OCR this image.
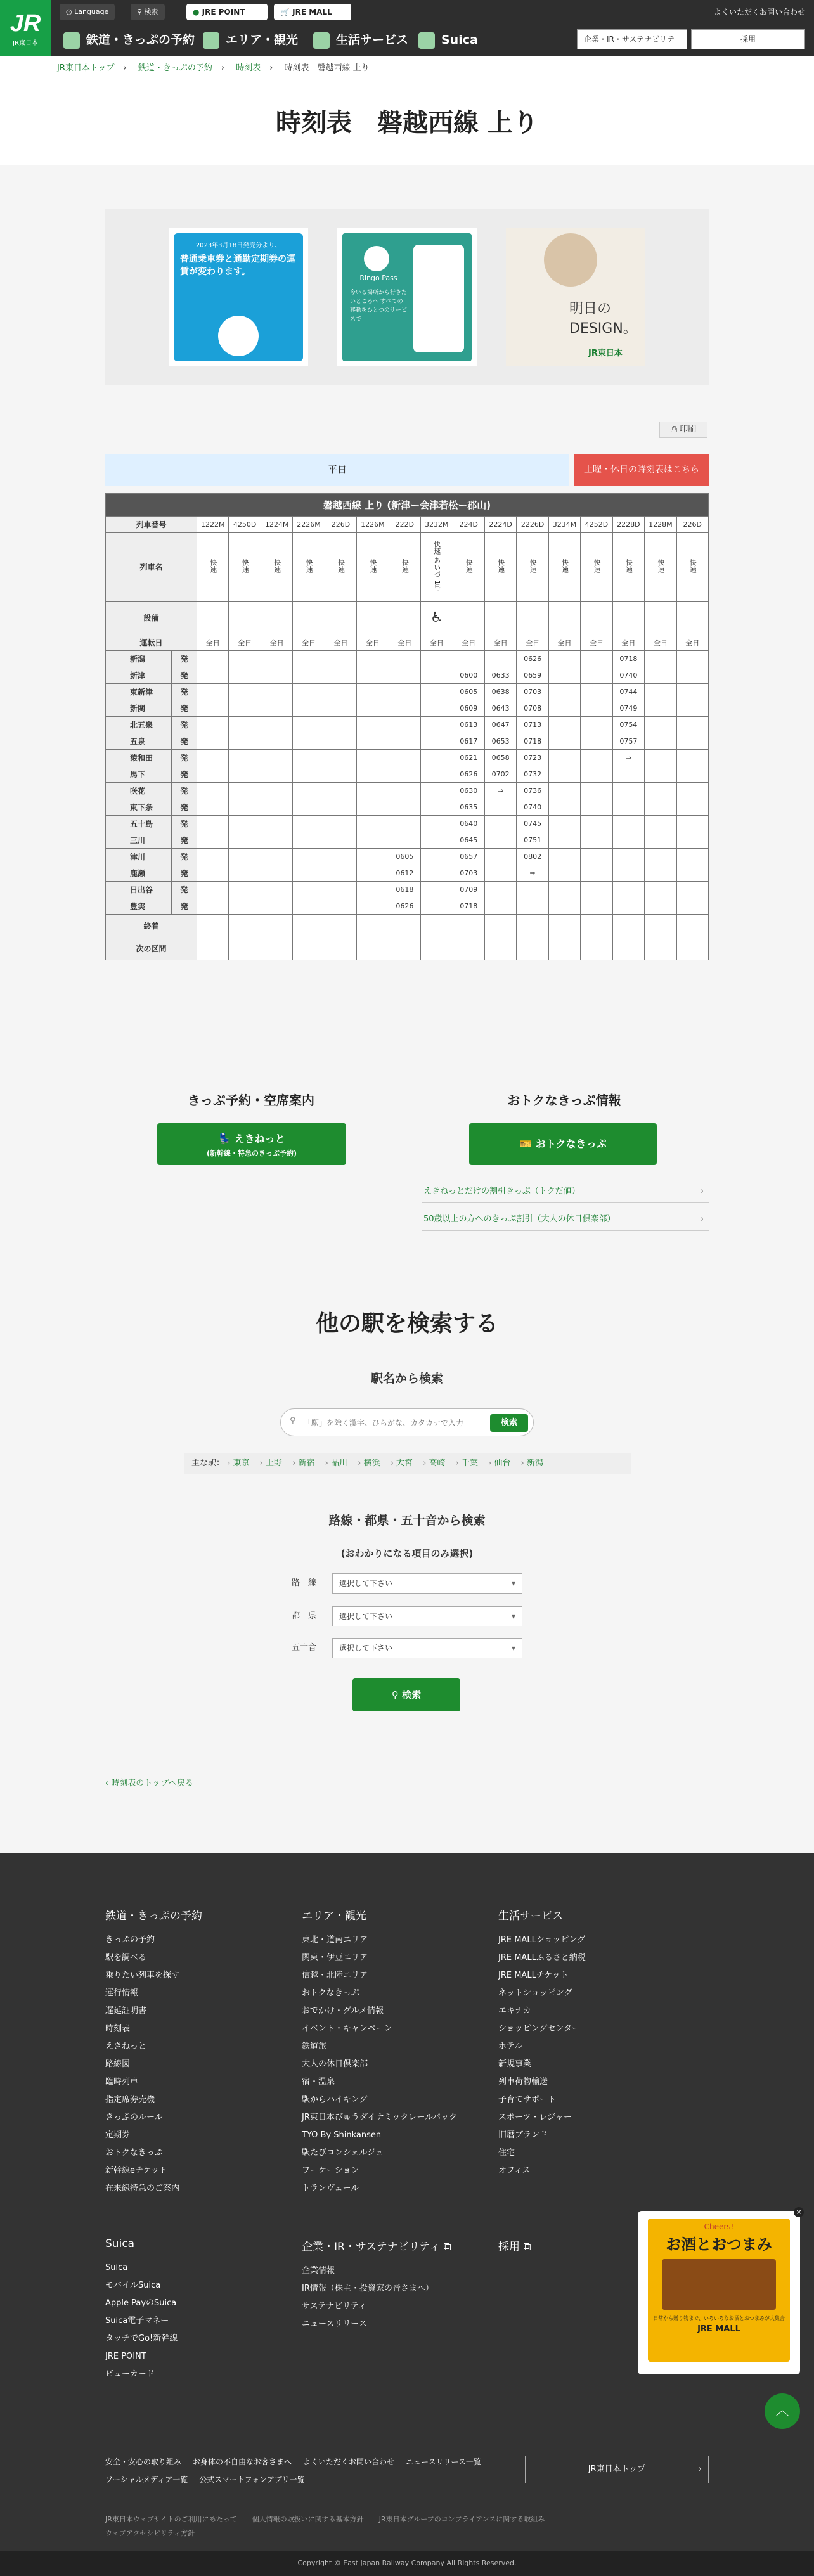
JR
JR東日本
◎ Language	⚲ 検索	● JRE POINT	🛒 JRE MALL	よくいただくお問い合わせ
鉄道・きっぷの予約	エリア・観光	生活サービス	Suica	企業・IR・サステナビリテ	採用
JR東日本トップ › 鉄道・きっぷの予約 › 時刻表 › 時刻表　磐越西線 上り
時刻表　磐越西線 上り
2023年3月18日発売分より、
普通乗車券と通勤定期券の運賃が変わります。
Ringo Pass
今いる場所から行きたいところへ すべての移動をひとつのサービスで
明日のDESIGN。
JR東日本
⎙ 印刷
平日	土曜・休日の時刻表はこちら
磐越西線 上り (新津ー会津若松ー郡山)																	
列車番号		1222M	4250D	1224M	2226M	226D	1226M	222D	3232M	224D	2224D	2226D	3234M	4252D	2228D	1228M	226D
列車名		快速	快速	快速	快速	快速	快速	快速	快速 あいづ 1号	快速	快速	快速	快速	快速	快速	快速	快速
設備									♿								
運転日		全日	全日	全日	全日	全日	全日	全日	全日	全日	全日	全日	全日	全日	全日	全日	全日
新潟	発											0626			0718		
新津	発									0600	0633	0659			0740		
東新津	発									0605	0638	0703			0744		
新関	発									0609	0643	0708			0749		
北五泉	発									0613	0647	0713			0754		
五泉	発									0617	0653	0718			0757		
猿和田	発									0621	0658	0723			⇒		
馬下	発									0626	0702	0732					
咲花	発									0630	⇒	0736					
東下条	発									0635		0740					
五十島	発									0640		0745					
三川	発									0645		0751					
津川	発							0605		0657		0802					
鹿瀬	発							0612		0703		⇒					
日出谷	発							0618		0709							
豊実	発							0626		0718							
終着																	
次の区間																	
きっぷ予約・空席案内
💺 えきねっと
(新幹線・特急のきっぷ予約)
おトクなきっぷ情報
🎫 おトクなきっぷ
えきねっとだけの割引きっぷ（トクだ値） ›
50歳以上の方へのきっぷ割引（大人の休日倶楽部） ›
他の駅を検索する
駅名から検索
⚲
「駅」を除く漢字、ひらがな、カタカナで入力	検索
主な駅： › 東京 › 上野 › 新宿 › 品川 › 横浜 › 大宮 › 高崎 › 千葉 › 仙台 › 新潟
路線・都県・五十音から検索
(おわかりになる項目のみ選択)
路　線	選択して下さい ▾
都　県	選択して下さい ▾
五十音	選択して下さい ▾
⚲ 検索
‹ 時刻表のトップへ戻る
鉄道・きっぷの予約
きっぷの予約
駅を調べる
乗りたい列車を探す
運行情報
遅延証明書
時刻表
えきねっと
路線図
臨時列車
指定席券売機
きっぷのルール
定期券
おトクなきっぷ
新幹線eチケット
在来線特急のご案内
エリア・観光
東北・道南エリア
関東・伊豆エリア
信越・北陸エリア
おトクなきっぷ
おでかけ・グルメ情報
イベント・キャンペーン
鉄道旅
大人の休日倶楽部
宿・温泉
駅からハイキング
JR東日本びゅうダイナミックレールパック
TYO By Shinkansen
駅たびコンシェルジュ
ワーケーション
トランヴェール
生活サービス
JRE MALLショッピング
JRE MALLふるさと納税
JRE MALLチケット
ネットショッピング
エキナカ
ショッピングセンター
ホテル
新規事業
列車荷物輸送
子育てサポート
スポーツ・レジャー
旧暦ブランド
住宅
オフィス
Suica
Suica
モバイルSuica
Apple PayのSuica
Suica電子マネー
タッチでGo!新幹線
JRE POINT
ビューカード
企業・IR・サステナビリティ ⧉
企業情報
IR情報（株主・投資家の皆さまへ）
サステナビリティ
ニュースリリース
採用 ⧉
安全・安心の取り組み お身体の不自由なお客さまへ よくいただくお問い合わせ ニュースリリース一覧ソーシャルメディア一覧 公式スマートフォンアプリ一覧
JR東日本トップ	›
JR東日本ウェブサイトのご利用にあたって 個人情報の取扱いに関する基本方針 JR東日本グループのコンプライアンスに関する取組みウェブアクセシビリティ方針
×
Cheers!
お酒とおつまみ
日常から贈り物まで、いろいろなお酒とおつまみが大集合
JRE MALL
︿
Copyright © East Japan Railway Company All Rights Reserved.
